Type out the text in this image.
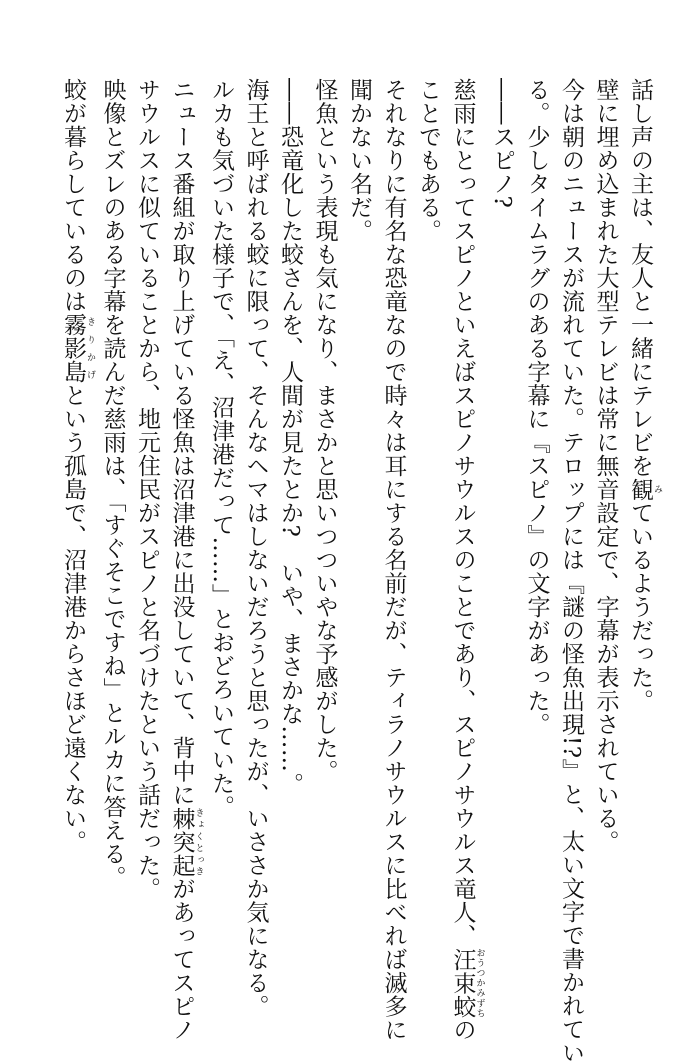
話し声の主は、友人と一緒にテレビを観 みているようだった。

壁に埋め込まれた大型テレビは常に無音設定で、字幕が表示されている。

今は朝のニュースが流れていた。テロップには『謎の怪魚出現!?』と、太い文字で書かれてい

る。少しタイムラグのある字幕に『スピノ』の文字があった。

――スピノ?

慈雨にとってスピノといえばスピノサウルスのことであり、スピノサウルス竜人、汪束蛟 おうつかみずちの

ことでもある。

それなりに有名な恐竜なので時々は耳にする名前だが、ティラノサウルスに比べれば滅多に

聞かない名だ。

怪魚という表現も気になり、まさかと思いつついやな予感がした。

――恐竜化した蛟さんを、人間が見たとか?　いや、まさかな……。

海王と呼ばれる蛟に限って、そんなヘマはしないだろうと思ったが、いささか気になる。

ルカも気づいた様子で、「え、沼津港だって……」とおどろいていた。

ニュース番組が取り上げている怪魚は沼津港に出没していて、背中に棘突起 きょくとっきがあってスピノ

サウルスに似ていることから、地元住民がスピノと名づけたという話だった。

映像とズレのある字幕を読んだ慈雨は、「すぐそこですね」とルカに答える。

蛟が暮らしているのは霧影島 きりかげという孤島で、沼津港からさほど遠くない。
